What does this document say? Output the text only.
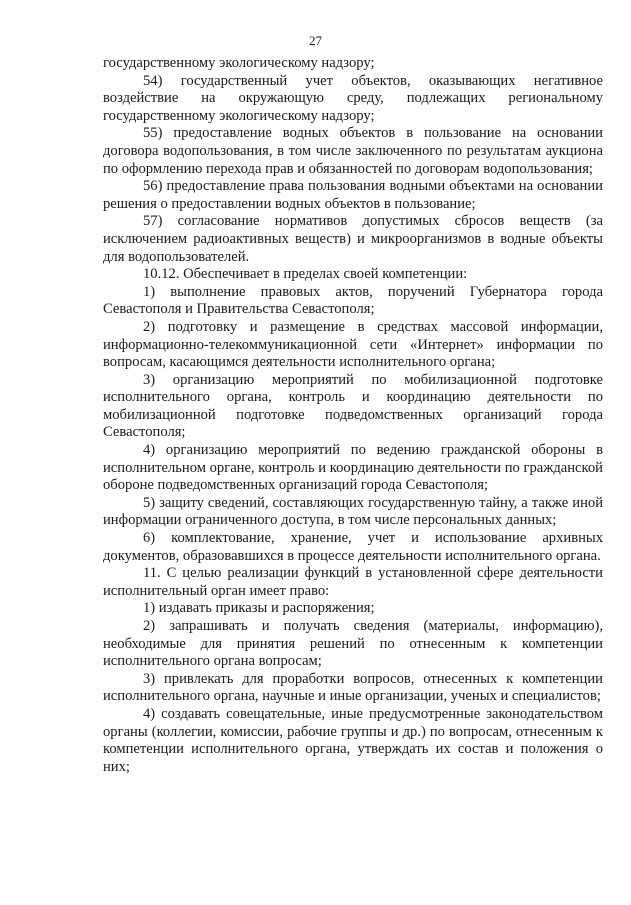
27

государственному экологическому надзору;

54) государственный учет объектов, оказывающих негативное воздействие на окружающую среду, подлежащих региональному государственному экологическому надзору;

55) предоставление водных объектов в пользование на основании договора водопользования, в том числе заключенного по результатам аукциона по оформлению перехода прав и обязанностей по договорам водопользования;

56) предоставление права пользования водными объектами на основании решения о предоставлении водных объектов в пользование;

57) согласование нормативов допустимых сбросов веществ (за исключением радиоактивных веществ) и микроорганизмов в водные объекты для водопользователей.

10.12. Обеспечивает в пределах своей компетенции:

1) выполнение правовых актов, поручений Губернатора города Севастополя и Правительства Севастополя;

2) подготовку и размещение в средствах массовой информации, информационно-телекоммуникационной сети «Интернет» информации по вопросам, касающимся деятельности исполнительного органа;

3) организацию мероприятий по мобилизационной подготовке исполнительного органа, контроль и координацию деятельности по мобилизационной подготовке подведомственных организаций города Севастополя;

4) организацию мероприятий по ведению гражданской обороны в исполнительном органе, контроль и координацию деятельности по гражданской обороне подведомственных организаций города Севастополя;

5) защиту сведений, составляющих государственную тайну, а также иной информации ограниченного доступа, в том числе персональных данных;

6) комплектование, хранение, учет и использование архивных документов, образовавшихся в процессе деятельности исполнительного органа.

11. С целью реализации функций в установленной сфере деятельности исполнительный орган имеет право:

1) издавать приказы и распоряжения;

2) запрашивать и получать сведения (материалы, информацию), необходимые для принятия решений по отнесенным к компетенции исполнительного органа вопросам;

3) привлекать для проработки вопросов, отнесенных к компетенции исполнительного органа, научные и иные организации, ученых и специалистов;

4) создавать совещательные, иные предусмотренные законодательством органы (коллегии, комиссии, рабочие группы и др.) по вопросам, отнесенным к компетенции исполнительного органа, утверждать их состав и положения о них;
